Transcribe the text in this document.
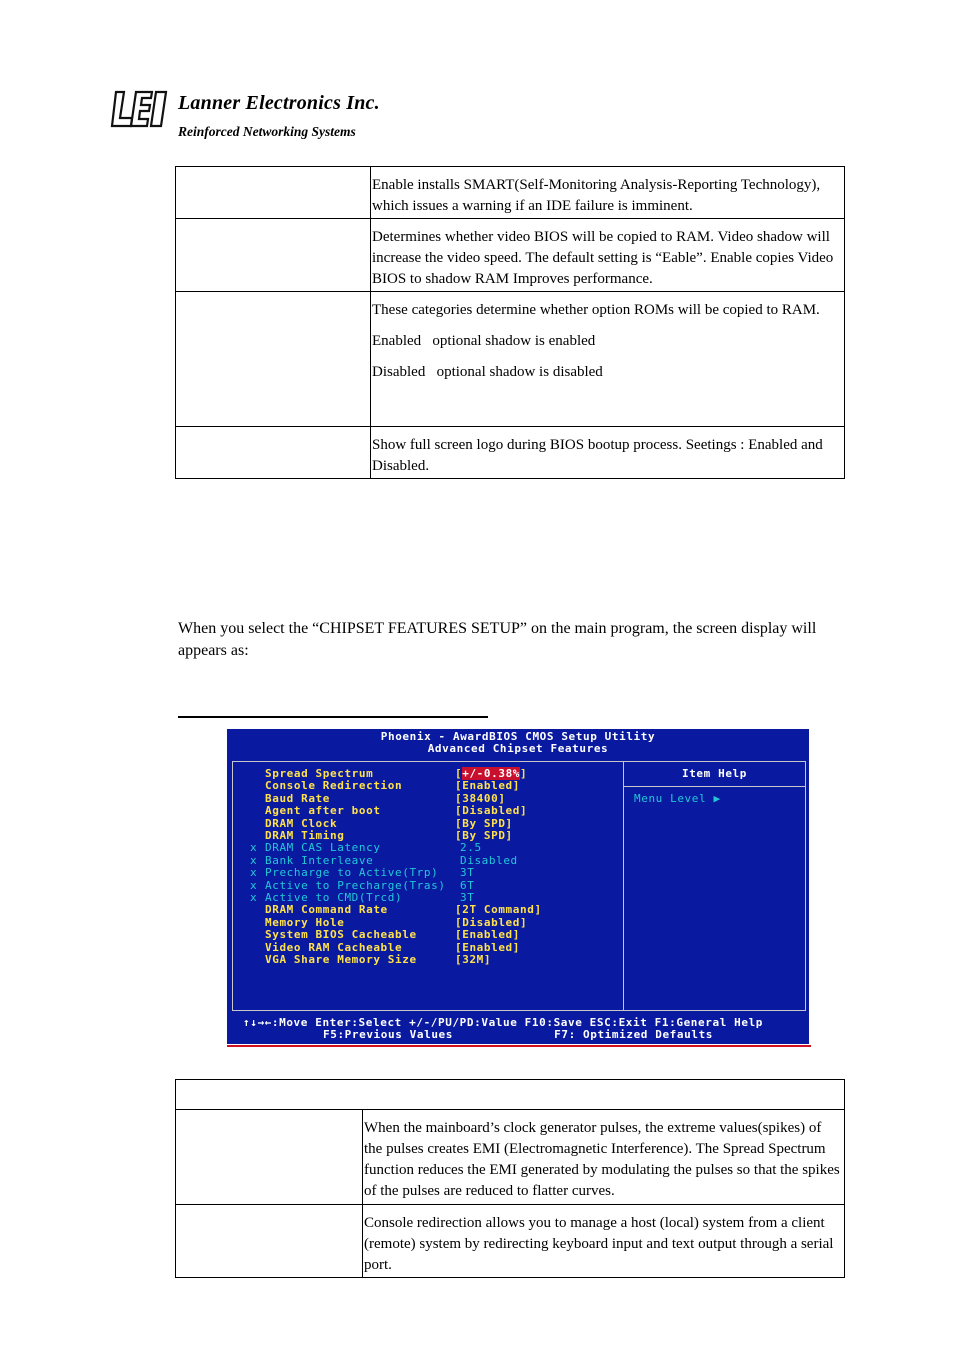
Lanner Electronics Inc.
Reinforced Networking Systems

	Enable installs SMART(Self-Monitoring Analysis-Reporting Technology), which issues a warning if an IDE failure is imminent.

	Determines whether video BIOS will be copied to RAM. Video shadow will increase the video speed. The default setting is “Eable”. Enable copies Video BIOS to shadow RAM Improves performance.

	These categories determine whether option ROMs will be copied to RAM.

Enabled   optional shadow is enabled

Disabled   optional shadow is disabled

	Show full screen logo during BIOS bootup process. Seetings : Enabled and Disabled.

When you select the “CHIPSET FEATURES SETUP” on the main program, the screen display will appears as:
Phoenix - AwardBIOS CMOS Setup Utility
Advanced Chipset Features
Item Help
Menu Level ▶
Spread Spectrum	[+/-0.38%]
Console Redirection	[Enabled]
Baud Rate	[38400]
Agent after boot	[Disabled]
DRAM Clock	[By SPD]
DRAM Timing	[By SPD]
x DRAM CAS Latency	2.5
x Bank Interleave	Disabled
x Precharge to Active(Trp) 3T
x Active to Precharge(Tras) 6T
x Active to CMD(Trcd)	3T
DRAM Command Rate	[2T Command]
Memory Hole	[Disabled]
System BIOS Cacheable	[Enabled]
Video RAM Cacheable	[Enabled]
VGA Share Memory Size	[32M]
↑↓→←:Move Enter:Select +/-/PU/PD:Value F10:Save ESC:Exit F1:General Help
F5:Previous Values              F7: Optimized Defaults

	When the mainboard’s clock generator pulses, the extreme values(spikes) of the pulses creates EMI (Electromagnetic Interference). The Spread Spectrum function reduces the EMI generated by modulating the pulses so that the spikes of the pulses are reduced to flatter curves.

	Console redirection allows you to manage a host (local) system from a client (remote) system by redirecting keyboard input and text output through a serial port.
